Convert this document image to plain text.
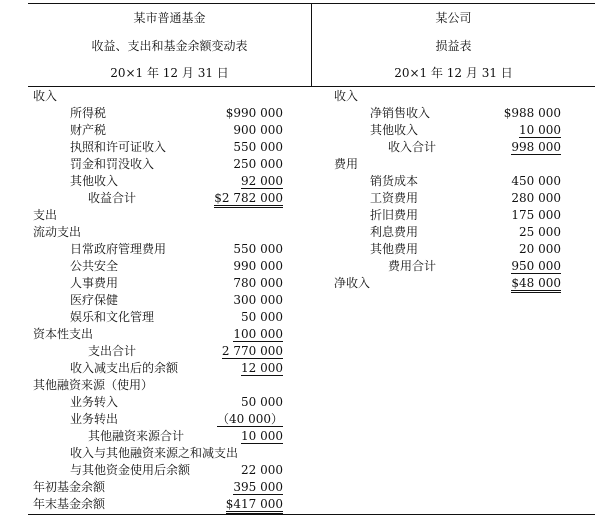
某市普通基金
收益、支出和基金余额变动表
20×1 年 12 月 31 日
某公司
损益表
20×1 年 12 月 31 日
收入
所得税	$990 000
财产税	900 000
执照和许可证收入	550 000
罚金和罚没收入	250 000
其他收入	92 000
收益合计	$2 782 000
支出
流动支出
日常政府管理费用	550 000
公共安全	990 000
人事费用	780 000
医疗保健	300 000
娱乐和文化管理	50 000
资本性支出	100 000
支出合计	2 770 000
收入减支出后的余额	12 000
其他融资来源（使用）
业务转入	50 000
业务转出	（40 000）
其他融资来源合计	10 000
收入与其他融资来源之和减支出
与其他资金使用后余额	22 000
年初基金余额	395 000
年末基金余额	$417 000
收入
净销售收入	$988 000
其他收入	10 000
收入合计	998 000
费用
销货成本	450 000
工资费用	280 000
折旧费用	175 000
利息费用	25 000
其他费用	20 000
费用合计	950 000
净收入	$48 000
